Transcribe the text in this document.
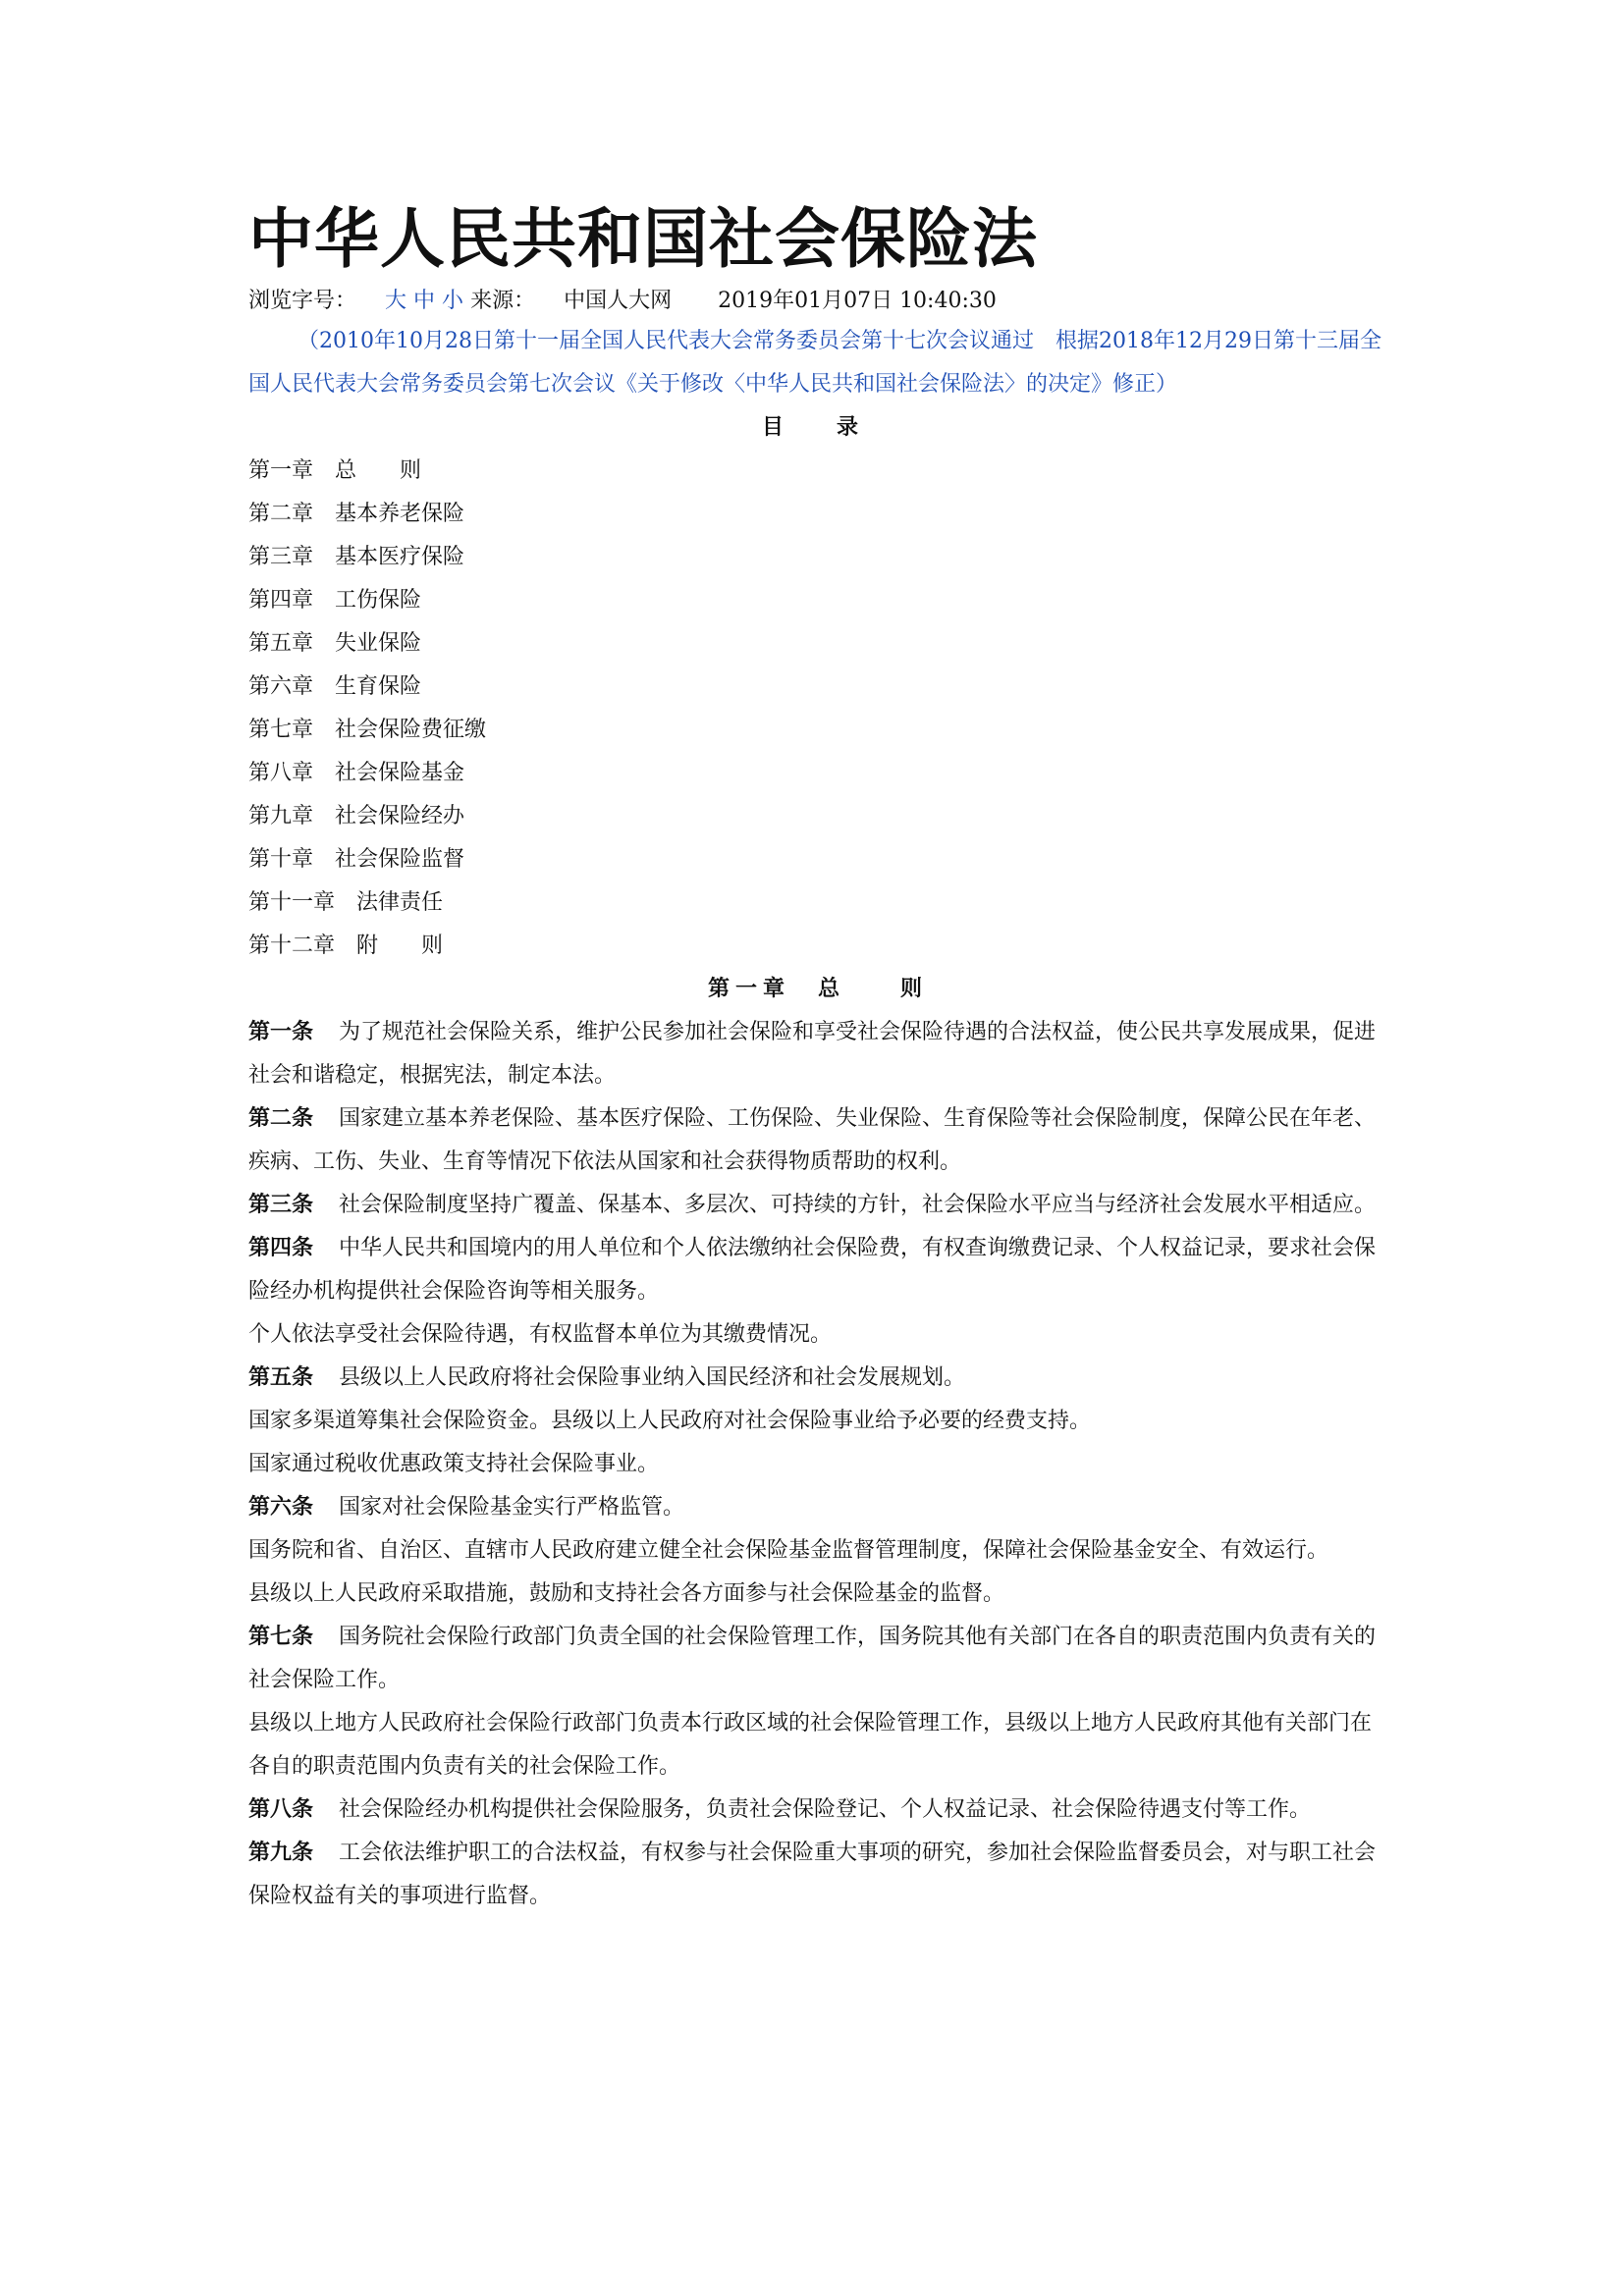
中华人民共和国社会保险法
浏览字号： 大 中 小 来源： 中国人大网 2019年01月07日 10:40:30

（2010年10月28日第十一届全国人民代表大会常务委员会第十七次会议通过　根据2018年12月29日第十三届全国人民代表大会常务委员会第七次会议《关于修改〈中华人民共和国社会保险法〉的决定》修正）

目　录
第一章　总　　则
第二章　基本养老保险
第三章　基本医疗保险
第四章　工伤保险
第五章　失业保险
第六章　生育保险
第七章　社会保险费征缴
第八章　社会保险基金
第九章　社会保险经办
第十章　社会保险监督
第十一章　法律责任
第十二章　附　　则
第一章　总　　则

第一条 为了规范社会保险关系，维护公民参加社会保险和享受社会保险待遇的合法权益，使公民共享发展成果，促进社会和谐稳定，根据宪法，制定本法。

第二条 国家建立基本养老保险、基本医疗保险、工伤保险、失业保险、生育保险等社会保险制度，保障公民在年老、疾病、工伤、失业、生育等情况下依法从国家和社会获得物质帮助的权利。

第三条 社会保险制度坚持广覆盖、保基本、多层次、可持续的方针，社会保险水平应当与经济社会发展水平相适应。

第四条 中华人民共和国境内的用人单位和个人依法缴纳社会保险费，有权查询缴费记录、个人权益记录，要求社会保险经办机构提供社会保险咨询等相关服务。

个人依法享受社会保险待遇，有权监督本单位为其缴费情况。

第五条 县级以上人民政府将社会保险事业纳入国民经济和社会发展规划。

国家多渠道筹集社会保险资金。县级以上人民政府对社会保险事业给予必要的经费支持。

国家通过税收优惠政策支持社会保险事业。

第六条 国家对社会保险基金实行严格监管。

国务院和省、自治区、直辖市人民政府建立健全社会保险基金监督管理制度，保障社会保险基金安全、有效运行。

县级以上人民政府采取措施，鼓励和支持社会各方面参与社会保险基金的监督。

第七条 国务院社会保险行政部门负责全国的社会保险管理工作，国务院其他有关部门在各自的职责范围内负责有关的社会保险工作。

县级以上地方人民政府社会保险行政部门负责本行政区域的社会保险管理工作，县级以上地方人民政府其他有关部门在各自的职责范围内负责有关的社会保险工作。

第八条 社会保险经办机构提供社会保险服务，负责社会保险登记、个人权益记录、社会保险待遇支付等工作。

第九条 工会依法维护职工的合法权益，有权参与社会保险重大事项的研究，参加社会保险监督委员会，对与职工社会保险权益有关的事项进行监督。
